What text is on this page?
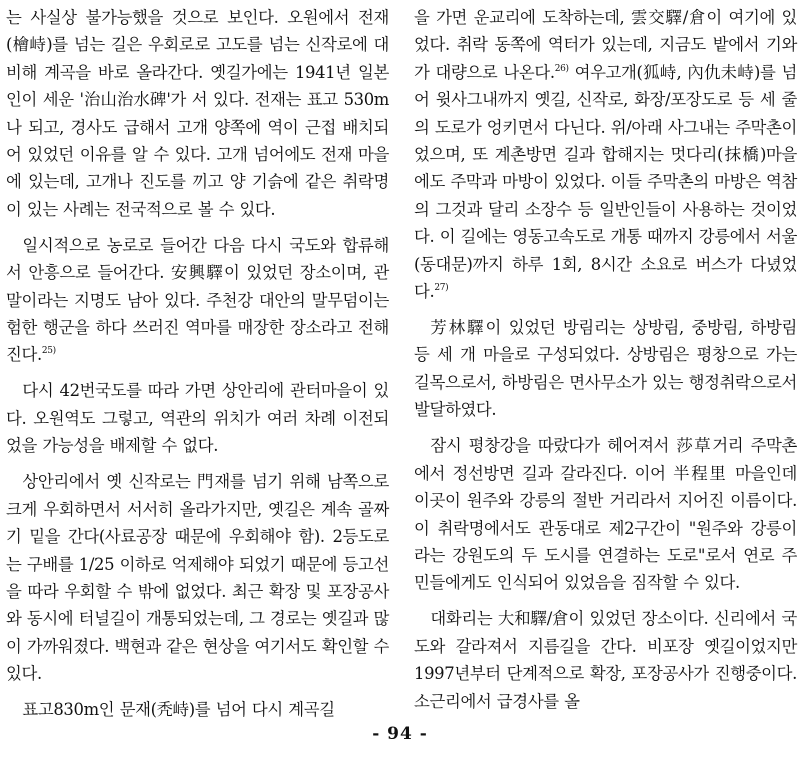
는 사실상 불가능했을 것으로 보인다. 오원에서 전재(檜峙)를 넘는 길은 우회로로 고도를 넘는 신작로에 대비해 계곡을 바로 올라간다. 옛길가에는 1941년 일본인이 세운 '治山治水碑'가 서 있다. 전재는 표고 530m나 되고, 경사도 급해서 고개 양쪽에 역이 근접 배치되어 있었던 이유를 알 수 있다. 고개 넘어에도 전재 마을에 있는데, 고개나 진도를 끼고 양 기슭에 같은 취락명이 있는 사례는 전국적으로 볼 수 있다.

일시적으로 농로로 들어간 다음 다시 국도와 합류해서 안흥으로 들어간다. 安興驛이 있었던 장소이며, 관말이라는 지명도 남아 있다. 주천강 대안의 말무덤이는 험한 행군을 하다 쓰러진 역마를 매장한 장소라고 전해진다.$^{25)}$

다시 42번국도를 따라 가면 상안리에 관터마을이 있다. 오원역도 그렇고, 역관의 위치가 여러 차례 이전되었을 가능성을 배제할 수 없다.

상안리에서 옛 신작로는 門재를 넘기 위해 남쪽으로 크게 우회하면서 서서히 올라가지만, 옛길은 계속 골짜기 밑을 간다(사료공장 때문에 우회해야 함). 2등도로는 구배를 1/25 이하로 억제해야 되었기 때문에 등고선을 따라 우회할 수 밖에 없었다. 최근 확장 및 포장공사와 동시에 터널길이 개통되었는데, 그 경로는 옛길과 많이 가까워졌다. 백현과 같은 현상을 여기서도 확인할 수 있다.

표고830m인 문재(秃峙)를 넘어 다시 계곡길

을 가면 운교리에 도착하는데, 雲交驛/倉이 여기에 있었다. 취락 동쪽에 역터가 있는데, 지금도 밭에서 기와가 대량으로 나온다.$^{26)}$ 여우고개(狐峙, 內仇未峙)를 넘어 윗사그내까지 옛길, 신작로, 화장/포장도로 등 세 줄의 도로가 엉키면서 다닌다. 위/아래 사그내는 주막촌이었으며, 또 계촌방면 길과 합해지는 멋다리(抹橋)마을에도 주막과 마방이 있었다. 이들 주막촌의 마방은 역참의 그것과 달리 소장수 등 일반인들이 사용하는 것이었다. 이 길에는 영동고속도로 개통 때까지 강릉에서 서울(동대문)까지 하루 1회, 8시간 소요로 버스가 다녔었다.$^{27)}$

芳林驛이 있었던 방림리는 상방림, 중방림, 하방림 등 세 개 마을로 구성되었다. 상방림은 평창으로 가는 길목으로서, 하방림은 면사무소가 있는 행정취락으로서 발달하였다.

잠시 평창강을 따랐다가 헤어져서 莎草거리 주막촌에서 정선방면 길과 갈라진다. 이어 半程里 마을인데 이곳이 원주와 강릉의 절반 거리라서 지어진 이름이다. 이 취락명에서도 관동대로 제2구간이 "원주와 강릉이라는 강원도의 두 도시를 연결하는 도로"로서 연로 주민들에게도 인식되어 있었음을 짐작할 수 있다.

대화리는 大和驛/倉이 있었던 장소이다. 신리에서 국도와 갈라져서 지름길을 간다. 비포장 옛길이었지만 1997년부터 단계적으로 확장, 포장공사가 진행중이다. 소근리에서 급경사를 올

- 94 -
